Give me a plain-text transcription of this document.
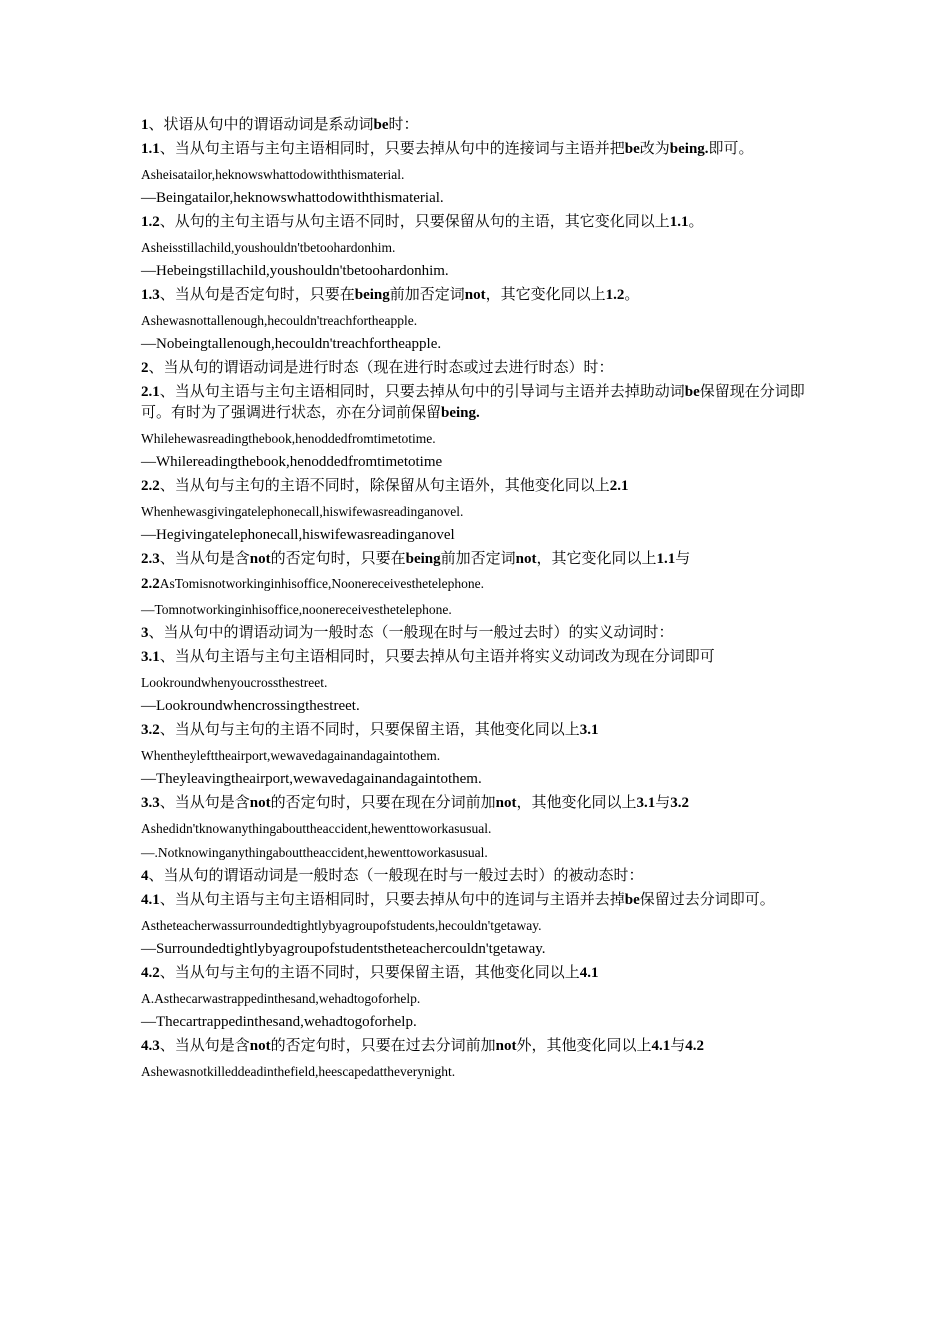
1、状语从句中的谓语动词是系动词be时：
1.1、当从句主语与主句主语相同时，只要去掉从句中的连接词与主语并把be改为being.即可。
Asheisatailor,heknowswhattodowiththismaterial.
—Beingatailor,heknowswhattodowiththismaterial.
1.2、从句的主句主语与从句主语不同时，只要保留从句的主语，其它变化同以上1.1。
Asheisstillachild,youshouldn'tbetoohardonhim.
—Hebeingstillachild,youshouldn'tbetoohardonhim.
1.3、当从句是否定句时，只要在being前加否定词not，其它变化同以上1.2。
Ashewasnottallenough,hecouldn'treachfortheapple.
—Nobeingtallenough,hecouldn'treachfortheapple.
2、当从句的谓语动词是进行时态（现在进行时态或过去进行时态）时：
2.1、当从句主语与主句主语相同时，只要去掉从句中的引导词与主语并去掉助动词be保留现在分词即可。有时为了强调进行状态，亦在分词前保留being.
Whilehewasreadingthebook,henoddedfromtimetotime.
—Whilereadingthebook,henoddedfromtimetotime
2.2、当从句与主句的主语不同时，除保留从句主语外，其他变化同以上2.1
Whenhewasgivingatelephonecall,hiswifewasreadinganovel.
—Hegivingatelephonecall,hiswifewasreadinganovel
2.3、当从句是含not的否定句时，只要在being前加否定词not，其它变化同以上1.1与
2.2AsTomisnotworkinginhisoffice,Noonereceivesthetelephone.
—Tomnotworkinginhisoffice,noonereceivesthetelephone.
3、当从句中的谓语动词为一般时态（一般现在时与一般过去时）的实义动词时：
3.1、当从句主语与主句主语相同时，只要去掉从句主语并将实义动词改为现在分词即可
Lookroundwhenyoucrossthestreet.
—Lookroundwhencrossingthestreet.
3.2、当从句与主句的主语不同时，只要保留主语，其他变化同以上3.1
Whentheylefttheairport,wewavedagainandagaintothem.
—Theyleavingtheairport,wewavedagainandagaintothem.
3.3、当从句是含not的否定句时，只要在现在分词前加not，其他变化同以上3.1与3.2
Ashedidn'tknowanythingabouttheaccident,hewenttoworkasusual.
—.Notknowinganythingabouttheaccident,hewenttoworkasusual.
4、当从句的谓语动词是一般时态（一般现在时与一般过去时）的被动态时：
4.1、当从句主语与主句主语相同时，只要去掉从句中的连词与主语并去掉be保留过去分词即可。
Astheteacherwassurroundedtightlybyagroupofstudents,hecouldn'tgetaway.
—Surroundedtightlybyagroupofstudentstheteachercouldn'tgetaway.
4.2、当从句与主句的主语不同时，只要保留主语，其他变化同以上4.1
A.Asthecarwastrappedinthesand,wehadtogoforhelp.
—Thecartrappedinthesand,wehadtogoforhelp.
4.3、当从句是含not的否定句时，只要在过去分词前加not外，其他变化同以上4.1与4.2
Ashewasnotkilleddeadinthefield,heescapedattheverynight.
